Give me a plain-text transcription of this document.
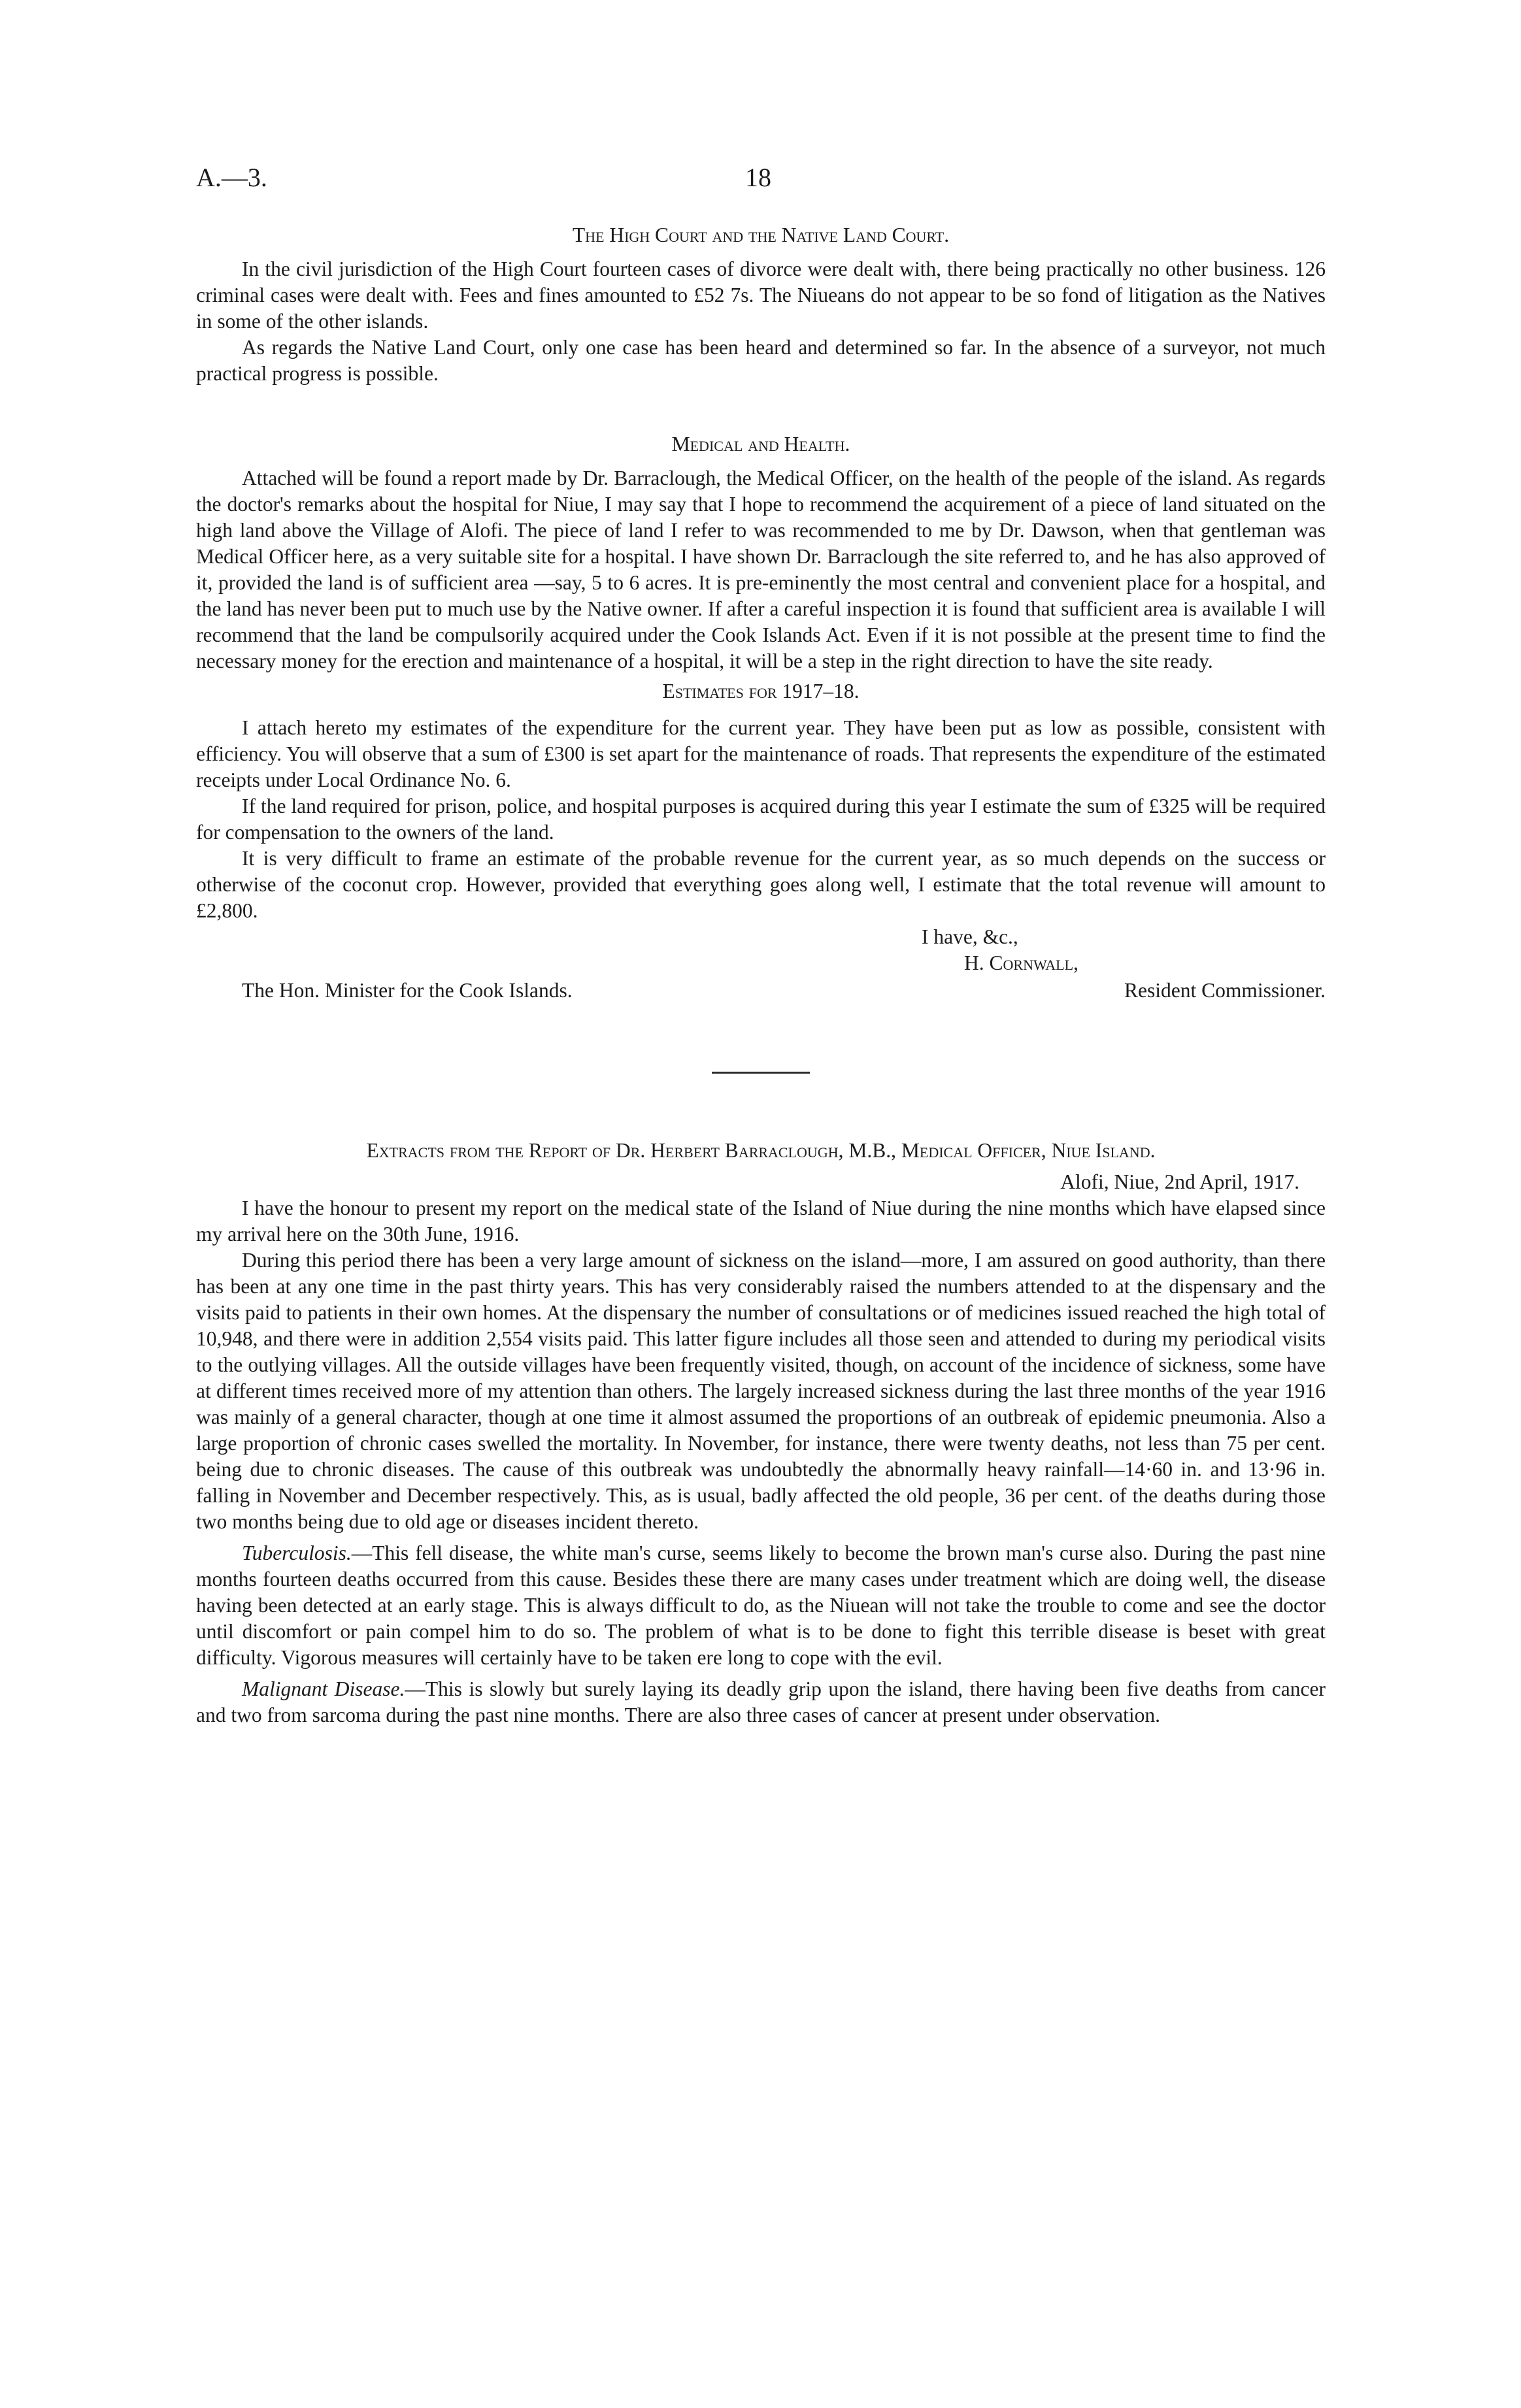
A.—3.	18
The High Court and the Native Land Court.

In the civil jurisdiction of the High Court fourteen cases of divorce were dealt with, there being practically no other business. 126 criminal cases were dealt with. Fees and fines amounted to £52 7s. The Niueans do not appear to be so fond of litigation as the Natives in some of the other islands.

As regards the Native Land Court, only one case has been heard and determined so far. In the absence of a surveyor, not much practical progress is possible.

Medical and Health.

Attached will be found a report made by Dr. Barraclough, the Medical Officer, on the health of the people of the island. As regards the doctor's remarks about the hospital for Niue, I may say that I hope to recommend the acquirement of a piece of land situated on the high land above the Village of Alofi. The piece of land I refer to was recommended to me by Dr. Dawson, when that gentleman was Medical Officer here, as a very suitable site for a hospital. I have shown Dr. Barraclough the site referred to, and he has also approved of it, provided the land is of sufficient area —say, 5 to 6 acres. It is pre-eminently the most central and convenient place for a hospital, and the land has never been put to much use by the Native owner. If after a careful inspection it is found that sufficient area is available I will recommend that the land be compulsorily acquired under the Cook Islands Act. Even if it is not possible at the present time to find the necessary money for the erection and maintenance of a hospital, it will be a step in the right direction to have the site ready.

Estimates for 1917–18.

I attach hereto my estimates of the expenditure for the current year. They have been put as low as possible, consistent with efficiency. You will observe that a sum of £300 is set apart for the maintenance of roads. That represents the expenditure of the estimated receipts under Local Ordinance No. 6.

If the land required for prison, police, and hospital purposes is acquired during this year I estimate the sum of £325 will be required for compensation to the owners of the land.

It is very difficult to frame an estimate of the probable revenue for the current year, as so much depends on the success or otherwise of the coconut crop. However, provided that everything goes along well, I estimate that the total revenue will amount to £2,800.

I have, &c.,
H. Cornwall,
The Hon. Minister for the Cook Islands.	Resident Commissioner.
Extracts from the Report of Dr. Herbert Barraclough, M.B., Medical Officer, Niue Island.
Alofi, Niue, 2nd April, 1917.

I have the honour to present my report on the medical state of the Island of Niue during the nine months which have elapsed since my arrival here on the 30th June, 1916.

During this period there has been a very large amount of sickness on the island—more, I am assured on good authority, than there has been at any one time in the past thirty years. This has very considerably raised the numbers attended to at the dispensary and the visits paid to patients in their own homes. At the dispensary the number of consultations or of medicines issued reached the high total of 10,948, and there were in addition 2,554 visits paid. This latter figure includes all those seen and attended to during my periodical visits to the outlying villages. All the outside villages have been frequently visited, though, on account of the incidence of sickness, some have at different times received more of my attention than others. The largely increased sickness during the last three months of the year 1916 was mainly of a general character, though at one time it almost assumed the proportions of an outbreak of epidemic pneumonia. Also a large proportion of chronic cases swelled the mortality. In November, for instance, there were twenty deaths, not less than 75 per cent. being due to chronic diseases. The cause of this outbreak was undoubtedly the abnormally heavy rainfall—14·60 in. and 13·96 in. falling in November and December respectively. This, as is usual, badly affected the old people, 36 per cent. of the deaths during those two months being due to old age or diseases incident thereto.

Tuberculosis.—This fell disease, the white man's curse, seems likely to become the brown man's curse also. During the past nine months fourteen deaths occurred from this cause. Besides these there are many cases under treatment which are doing well, the disease having been detected at an early stage. This is always difficult to do, as the Niuean will not take the trouble to come and see the doctor until discomfort or pain compel him to do so. The problem of what is to be done to fight this terrible disease is beset with great difficulty. Vigorous measures will certainly have to be taken ere long to cope with the evil.

Malignant Disease.—This is slowly but surely laying its deadly grip upon the island, there having been five deaths from cancer and two from sarcoma during the past nine months. There are also three cases of cancer at present under observation.
